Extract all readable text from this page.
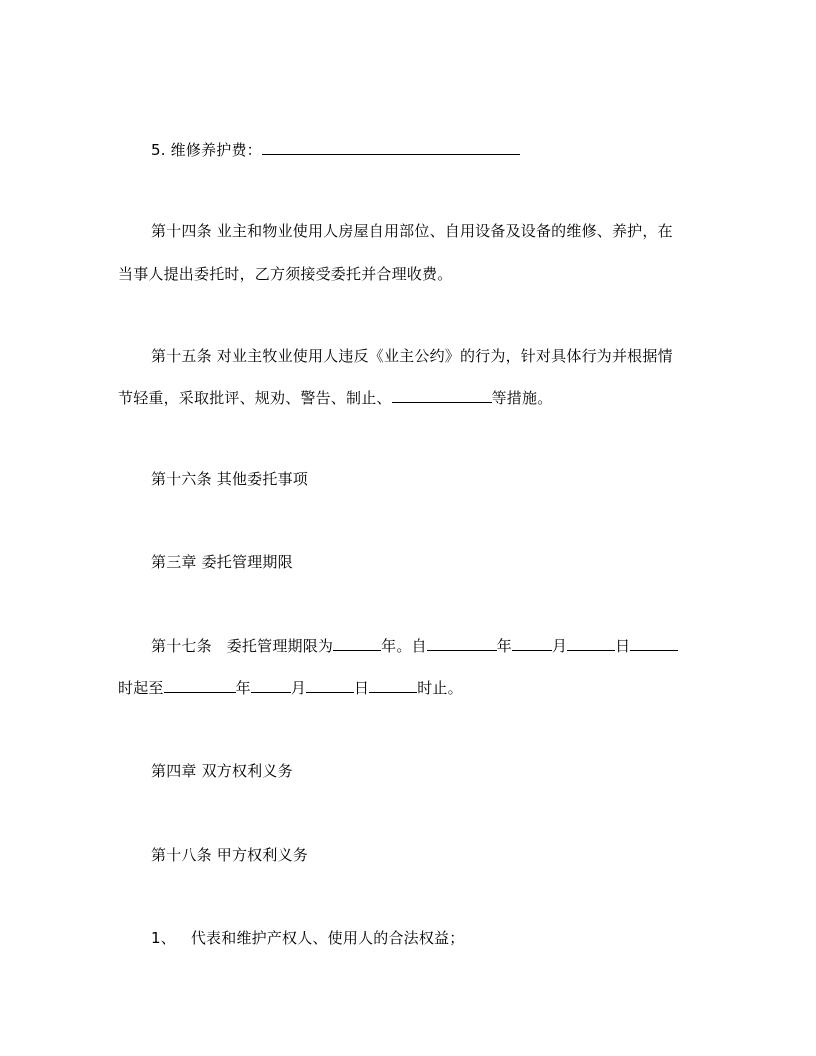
5. 维修养护费：
第十四条 业主和物业使用人房屋自用部位、自用设备及设备的维修、养护，在
当事人提出委托时，乙方须接受委托并合理收费。
第十五条 对业主牧业使用人违反《业主公约》的行为，针对具体行为并根据情
节轻重，采取批评、规劝、警告、制止、	等措施。
第十六条 其他委托事项
第三章 委托管理期限
第十七条 委托管理期限为	年。自	年	月	日
时起至	年	月	日	时止。
第四章 双方权利义务
第十八条 甲方权利义务
1、 代表和维护产权人、使用人的合法权益；
